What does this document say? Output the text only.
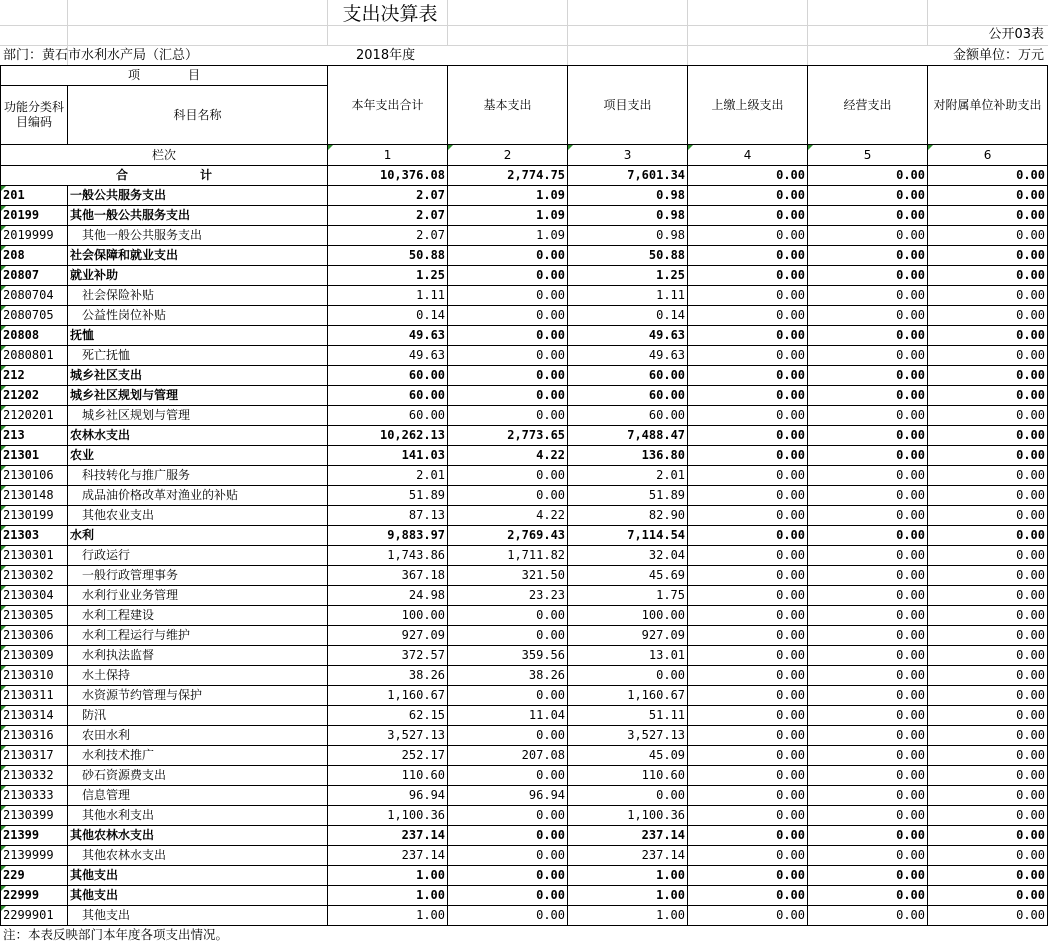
支出决算表
公开03表
部门：黄石市水利水产局（汇总）	2018年度	金额单位：万元
项　　　　目		本年支出合计	基本支出	项目支出	上缴上级支出	经营支出	对附属单位补助支出
功能分类科目编码	科目名称						
栏次		1	2	3	4	5	6
合　　　　　　计		10,376.08	2,774.75	7,601.34	0.00	0.00	0.00
201	一般公共服务支出	2.07	1.09	0.98	0.00	0.00	0.00
20199	其他一般公共服务支出	2.07	1.09	0.98	0.00	0.00	0.00
2019999	其他一般公共服务支出	2.07	1.09	0.98	0.00	0.00	0.00
208	社会保障和就业支出	50.88	0.00	50.88	0.00	0.00	0.00
20807	就业补助	1.25	0.00	1.25	0.00	0.00	0.00
2080704	社会保险补贴	1.11	0.00	1.11	0.00	0.00	0.00
2080705	公益性岗位补贴	0.14	0.00	0.14	0.00	0.00	0.00
20808	抚恤	49.63	0.00	49.63	0.00	0.00	0.00
2080801	死亡抚恤	49.63	0.00	49.63	0.00	0.00	0.00
212	城乡社区支出	60.00	0.00	60.00	0.00	0.00	0.00
21202	城乡社区规划与管理	60.00	0.00	60.00	0.00	0.00	0.00
2120201	城乡社区规划与管理	60.00	0.00	60.00	0.00	0.00	0.00
213	农林水支出	10,262.13	2,773.65	7,488.47	0.00	0.00	0.00
21301	农业	141.03	4.22	136.80	0.00	0.00	0.00
2130106	科技转化与推广服务	2.01	0.00	2.01	0.00	0.00	0.00
2130148	成品油价格改革对渔业的补贴	51.89	0.00	51.89	0.00	0.00	0.00
2130199	其他农业支出	87.13	4.22	82.90	0.00	0.00	0.00
21303	水利	9,883.97	2,769.43	7,114.54	0.00	0.00	0.00
2130301	行政运行	1,743.86	1,711.82	32.04	0.00	0.00	0.00
2130302	一般行政管理事务	367.18	321.50	45.69	0.00	0.00	0.00
2130304	水利行业业务管理	24.98	23.23	1.75	0.00	0.00	0.00
2130305	水利工程建设	100.00	0.00	100.00	0.00	0.00	0.00
2130306	水利工程运行与维护	927.09	0.00	927.09	0.00	0.00	0.00
2130309	水利执法监督	372.57	359.56	13.01	0.00	0.00	0.00
2130310	水土保持	38.26	38.26	0.00	0.00	0.00	0.00
2130311	水资源节约管理与保护	1,160.67	0.00	1,160.67	0.00	0.00	0.00
2130314	防汛	62.15	11.04	51.11	0.00	0.00	0.00
2130316	农田水利	3,527.13	0.00	3,527.13	0.00	0.00	0.00
2130317	水利技术推广	252.17	207.08	45.09	0.00	0.00	0.00
2130332	砂石资源费支出	110.60	0.00	110.60	0.00	0.00	0.00
2130333	信息管理	96.94	96.94	0.00	0.00	0.00	0.00
2130399	其他水利支出	1,100.36	0.00	1,100.36	0.00	0.00	0.00
21399	其他农林水支出	237.14	0.00	237.14	0.00	0.00	0.00
2139999	其他农林水支出	237.14	0.00	237.14	0.00	0.00	0.00
229	其他支出	1.00	0.00	1.00	0.00	0.00	0.00
22999	其他支出	1.00	0.00	1.00	0.00	0.00	0.00
2299901	其他支出	1.00	0.00	1.00	0.00	0.00	0.00
注：本表反映部门本年度各项支出情况。
